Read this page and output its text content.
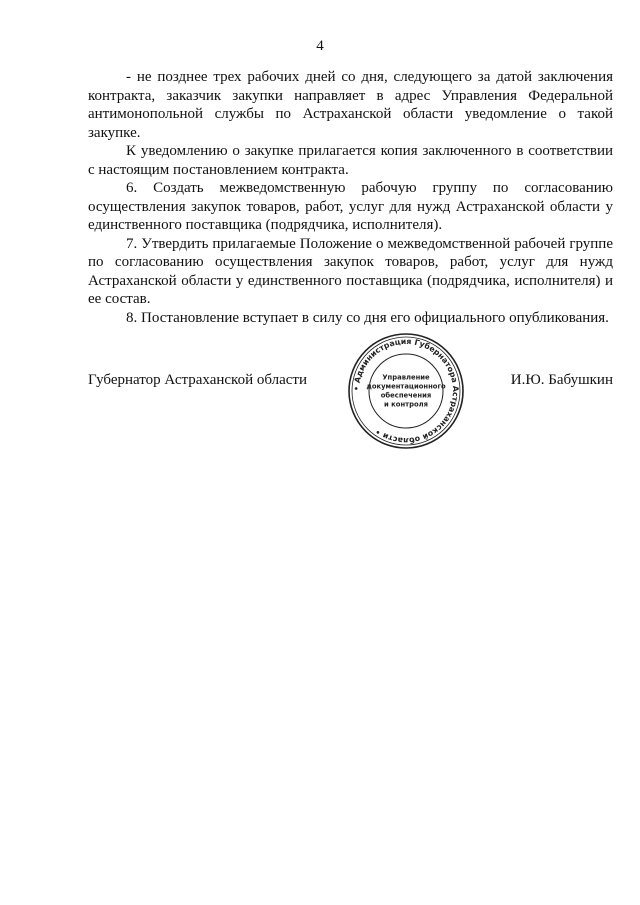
4

- не позднее трех рабочих дней со дня, следующего за датой заключения контракта, заказчик закупки направляет в адрес Управления Федеральной антимонопольной службы по Астраханской области уведомление о такой закупке.

К уведомлению о закупке прилагается копия заключенного в соответствии с настоящим постановлением контракта.

6. Создать межведомственную рабочую группу по согласованию осуществления закупок товаров, работ, услуг для нужд Астраханской области у единственного поставщика (подрядчика, исполнителя).

7. Утвердить прилагаемые Положение о межведомственной рабочей группе по согласованию осуществления закупок товаров, работ, услуг для нужд Астраханской области у единственного поставщика (подрядчика, исполнителя) и ее состав.

8. Постановление вступает в силу со дня его официального опубликования.

Губернатор Астраханской области	И.Ю. Бабушкин
• Администрация Губернатора Астраханской области •
Управление документационного обеспечения и контроля
